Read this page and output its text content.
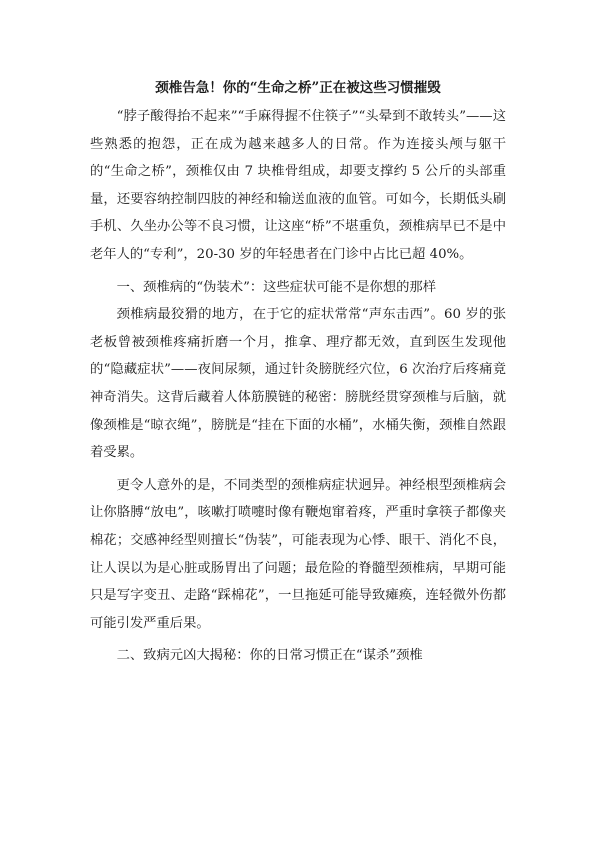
颈椎告急！你的“生命之桥”正在被这些习惯摧毁

“脖子酸得抬不起来”“手麻得握不住筷子”“头晕到不敢转头”——这些熟悉的抱怨，正在成为越来越多人的日常。作为连接头颅与躯干的“生命之桥”，颈椎仅由 7 块椎骨组成，却要支撑约 5 公斤的头部重量，还要容纳控制四肢的神经和输送血液的血管。可如今，长期低头刷手机、久坐办公等不良习惯，让这座“桥”不堪重负，颈椎病早已不是中老年人的“专利”，20-30 岁的年轻患者在门诊中占比已超 40%。

一、颈椎病的“伪装术”：这些症状可能不是你想的那样

颈椎病最狡猾的地方，在于它的症状常常“声东击西”。60 岁的张老板曾被颈椎疼痛折磨一个月，推拿、理疗都无效，直到医生发现他的“隐藏症状”——夜间尿频，通过针灸膀胱经穴位，6 次治疗后疼痛竟神奇消失。这背后藏着人体筋膜链的秘密：膀胱经贯穿颈椎与后脑，就像颈椎是“晾衣绳”，膀胱是“挂在下面的水桶”，水桶失衡，颈椎自然跟着受累。

更令人意外的是，不同类型的颈椎病症状迥异。神经根型颈椎病会让你胳膊“放电”，咳嗽打喷嚏时像有鞭炮窜着疼，严重时拿筷子都像夹棉花；交感神经型则擅长“伪装”，可能表现为心悸、眼干、消化不良，让人误以为是心脏或肠胃出了问题；最危险的脊髓型颈椎病，早期可能只是写字变丑、走路“踩棉花”，一旦拖延可能导致瘫痪，连轻微外伤都可能引发严重后果。

二、致病元凶大揭秘：你的日常习惯正在“谋杀”颈椎
